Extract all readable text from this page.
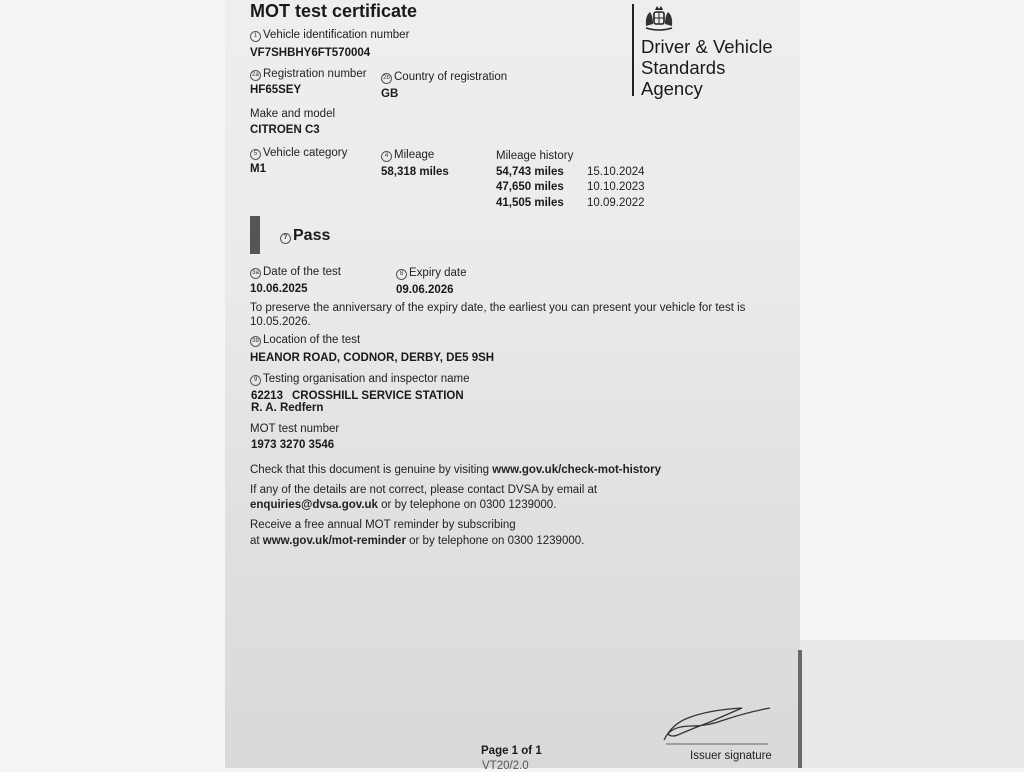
MOT test certificate
Driver & Vehicle
Standards
Agency
1 Vehicle identification number
VF7SHBHY6FT570004
2a Registration number
HF65SEY
2b Country of registration
GB
Make and model
CITROEN C3
5 Vehicle category
M1
4 Mileage
58,318 miles
Mileage history
54,743 miles 15.10.2024
47,650 miles 10.10.2023
41,505 miles 10.09.2022
7 Pass
3a Date of the test
10.06.2025
8 Expiry date
09.06.2026
To preserve the anniversary of the expiry date, the earliest you can present your vehicle for test is
10.05.2026.
3b Location of the test
HEANOR ROAD, CODNOR, DERBY, DE5 9SH
9 Testing organisation and inspector name
62213 CROSSHILL SERVICE STATION
R. A. Redfern
MOT test number
1973 3270 3546
Check that this document is genuine by visiting www.gov.uk/check-mot-history
If any of the details are not correct, please contact DVSA by email at
enquiries@dvsa.gov.uk or by telephone on 0300 1239000.
Receive a free annual MOT reminder by subscribing
at www.gov.uk/mot-reminder or by telephone on 0300 1239000.
Issuer signature
Page 1 of 1
VT20/2.0
